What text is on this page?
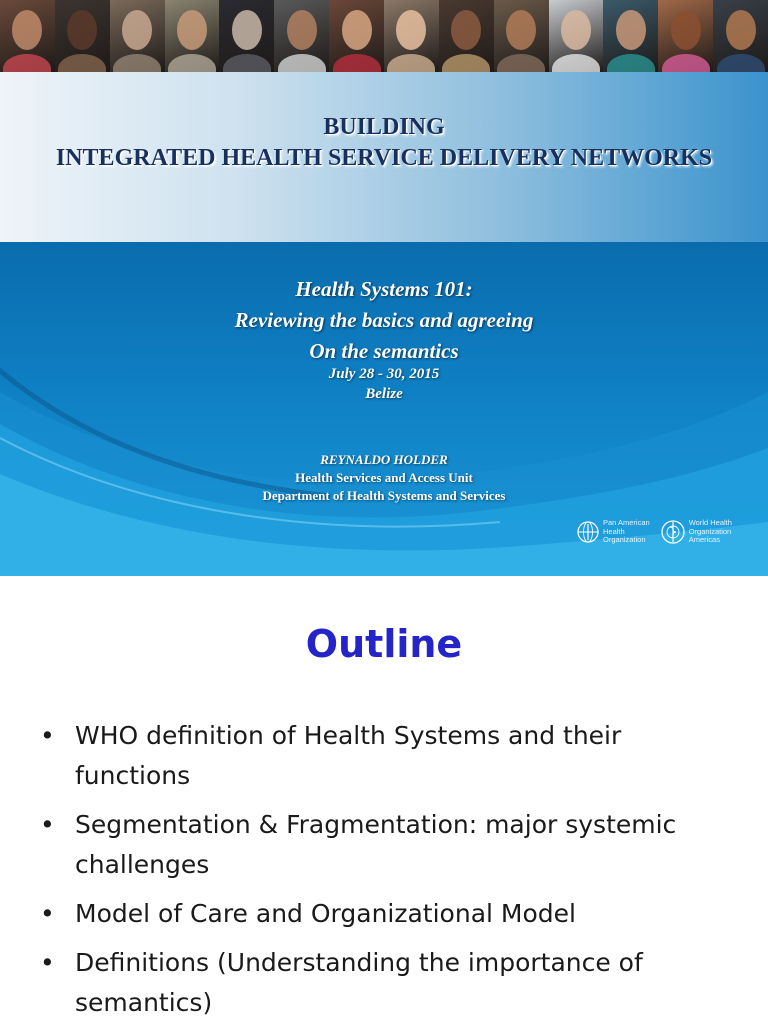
BUILDING
INTEGRATED HEALTH SERVICE DELIVERY NETWORKS
Health Systems 101:
Reviewing the basics and agreeing
On the semantics
July 28 - 30, 2015
Belize
REYNALDO HOLDER
Health Services and Access Unit
Department of Health Systems and Services
Pan American
Health
Organization
World Health
Organization
Americas
Outline
• WHO definition of Health Systems and their functions
• Segmentation & Fragmentation: major systemic challenges
• Model of Care and Organizational Model
• Definitions (Understanding the importance of semantics)
